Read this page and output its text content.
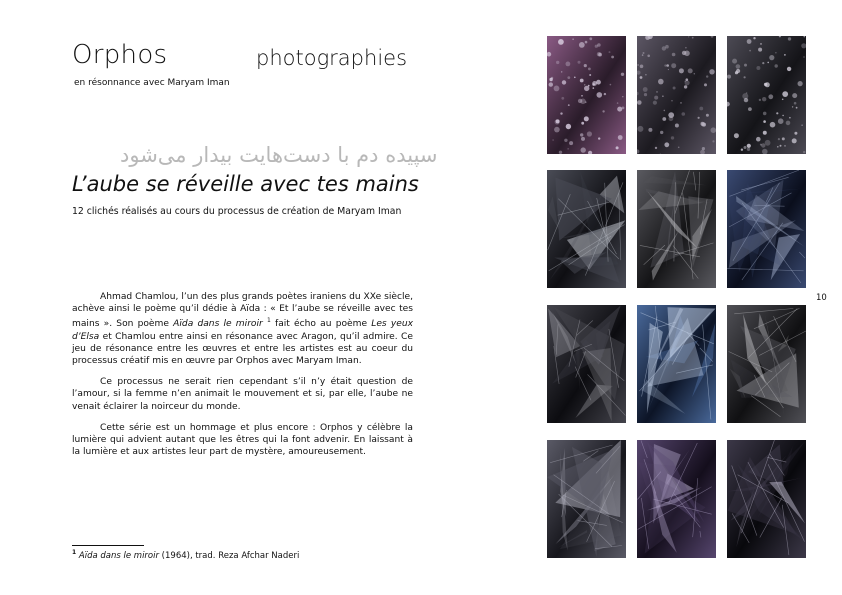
Orphos	photographies
en résonnance avec Maryam Iman
سپیده دم با دست‌هایت بیدار می‌شود
L’aube se réveille avec tes mains
12 clichés réalisés au cours du processus de création de Maryam Iman

Ahmad Chamlou, l’un des plus grands poètes iraniens du XXe siècle, achève ainsi le poème qu’il dédie à Aïda : « Et l’aube se réveille avec tes mains ». Son poème Aïda dans le miroir $^1$ fait écho au poème Les yeux d’Elsa et Chamlou entre ainsi en résonance avec Aragon, qu’il admire. Ce jeu de résonance entre les œuvres et entre les artistes est au coeur du processus créatif mis en œuvre par Orphos avec Maryam Iman.

Ce processus ne serait rien cependant s’il n’y était question de l’amour, si la femme n’en animait le mouvement et si, par elle, l’aube ne venait éclairer la noirceur du monde.

Cette série est un hommage et plus encore : Orphos y célèbre la lumière qui advient autant que les êtres qui la font advenir. En laissant à la lumière et aux artistes leur part de mystère, amoureusement.

$^1$ Aïda dans le miroir (1964), trad. Reza Afchar Naderi
10
